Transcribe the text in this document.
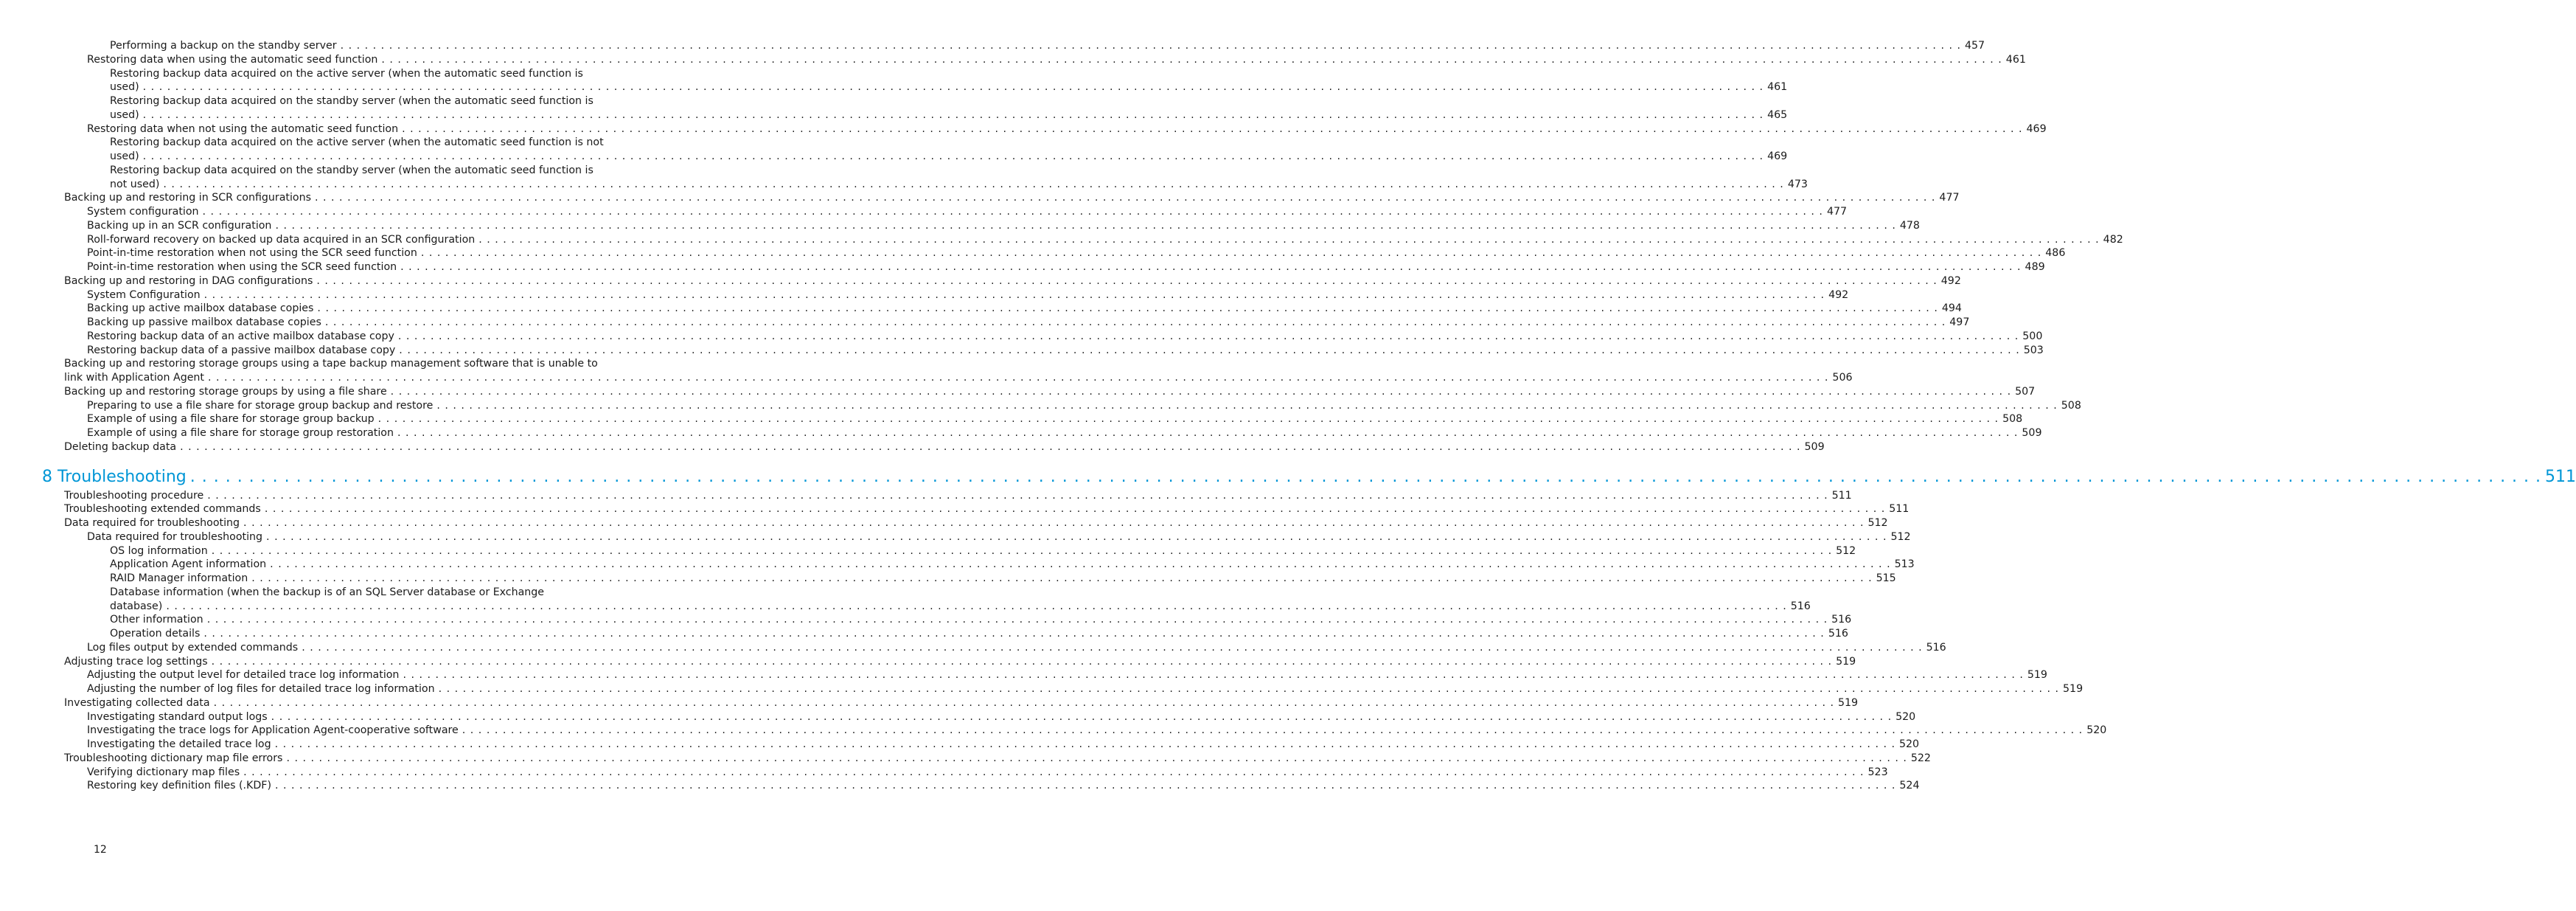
Performing a backup on the standby server . . . . . . . . . . . . . . . . . . . . . . . . . . . . . . . . . . . . . . . . . . . . . . . . . . . . . . . . . . . . . . . . . . . . . . . . . . . . . . . . . . . . . . . . . . . . . . . . . . . . . . . . . . . . . . . . . . . . . . . . . . . . . . . . . . . . . . . . . . . . . . . . . . . . . . . . . . . . . . . . . . . . . . . . . . . . . . . . . . . . . . . . . . . . . . . . . . . . . . . . 457
Restoring data when using the automatic seed function . . . . . . . . . . . . . . . . . . . . . . . . . . . . . . . . . . . . . . . . . . . . . . . . . . . . . . . . . . . . . . . . . . . . . . . . . . . . . . . . . . . . . . . . . . . . . . . . . . . . . . . . . . . . . . . . . . . . . . . . . . . . . . . . . . . . . . . . . . . . . . . . . . . . . . . . . . . . . . . . . . . . . . . . . . . . . . . . . . . . . . . . . . . . . . . . . . . . . . . . 461
Restoring backup data acquired on the active server (when the automatic seed function is
used) . . . . . . . . . . . . . . . . . . . . . . . . . . . . . . . . . . . . . . . . . . . . . . . . . . . . . . . . . . . . . . . . . . . . . . . . . . . . . . . . . . . . . . . . . . . . . . . . . . . . . . . . . . . . . . . . . . . . . . . . . . . . . . . . . . . . . . . . . . . . . . . . . . . . . . . . . . . . . . . . . . . . . . . . . . . . . . . . . . . . . . . . . . . . . . . . . . . . . . . . 461
Restoring backup data acquired on the standby server (when the automatic seed function is
used) . . . . . . . . . . . . . . . . . . . . . . . . . . . . . . . . . . . . . . . . . . . . . . . . . . . . . . . . . . . . . . . . . . . . . . . . . . . . . . . . . . . . . . . . . . . . . . . . . . . . . . . . . . . . . . . . . . . . . . . . . . . . . . . . . . . . . . . . . . . . . . . . . . . . . . . . . . . . . . . . . . . . . . . . . . . . . . . . . . . . . . . . . . . . . . . . . . . . . . . . 465
Restoring data when not using the automatic seed function . . . . . . . . . . . . . . . . . . . . . . . . . . . . . . . . . . . . . . . . . . . . . . . . . . . . . . . . . . . . . . . . . . . . . . . . . . . . . . . . . . . . . . . . . . . . . . . . . . . . . . . . . . . . . . . . . . . . . . . . . . . . . . . . . . . . . . . . . . . . . . . . . . . . . . . . . . . . . . . . . . . . . . . . . . . . . . . . . . . . . . . . . . . . . . . . . . . . . . . . 469
Restoring backup data acquired on the active server (when the automatic seed function is not
used) . . . . . . . . . . . . . . . . . . . . . . . . . . . . . . . . . . . . . . . . . . . . . . . . . . . . . . . . . . . . . . . . . . . . . . . . . . . . . . . . . . . . . . . . . . . . . . . . . . . . . . . . . . . . . . . . . . . . . . . . . . . . . . . . . . . . . . . . . . . . . . . . . . . . . . . . . . . . . . . . . . . . . . . . . . . . . . . . . . . . . . . . . . . . . . . . . . . . . . . . 469
Restoring backup data acquired on the standby server (when the automatic seed function is
not used) . . . . . . . . . . . . . . . . . . . . . . . . . . . . . . . . . . . . . . . . . . . . . . . . . . . . . . . . . . . . . . . . . . . . . . . . . . . . . . . . . . . . . . . . . . . . . . . . . . . . . . . . . . . . . . . . . . . . . . . . . . . . . . . . . . . . . . . . . . . . . . . . . . . . . . . . . . . . . . . . . . . . . . . . . . . . . . . . . . . . . . . . . . . . . . . . . . . . . . . . 473
Backing up and restoring in SCR configurations . . . . . . . . . . . . . . . . . . . . . . . . . . . . . . . . . . . . . . . . . . . . . . . . . . . . . . . . . . . . . . . . . . . . . . . . . . . . . . . . . . . . . . . . . . . . . . . . . . . . . . . . . . . . . . . . . . . . . . . . . . . . . . . . . . . . . . . . . . . . . . . . . . . . . . . . . . . . . . . . . . . . . . . . . . . . . . . . . . . . . . . . . . . . . . . . . . . . . . . . 477
System configuration . . . . . . . . . . . . . . . . . . . . . . . . . . . . . . . . . . . . . . . . . . . . . . . . . . . . . . . . . . . . . . . . . . . . . . . . . . . . . . . . . . . . . . . . . . . . . . . . . . . . . . . . . . . . . . . . . . . . . . . . . . . . . . . . . . . . . . . . . . . . . . . . . . . . . . . . . . . . . . . . . . . . . . . . . . . . . . . . . . . . . . . . . . . . . . . . . . . . . . . . 477
Backing up in an SCR configuration . . . . . . . . . . . . . . . . . . . . . . . . . . . . . . . . . . . . . . . . . . . . . . . . . . . . . . . . . . . . . . . . . . . . . . . . . . . . . . . . . . . . . . . . . . . . . . . . . . . . . . . . . . . . . . . . . . . . . . . . . . . . . . . . . . . . . . . . . . . . . . . . . . . . . . . . . . . . . . . . . . . . . . . . . . . . . . . . . . . . . . . . . . . . . . . . . . . . . . . . 478
Roll-forward recovery on backed up data acquired in an SCR configuration . . . . . . . . . . . . . . . . . . . . . . . . . . . . . . . . . . . . . . . . . . . . . . . . . . . . . . . . . . . . . . . . . . . . . . . . . . . . . . . . . . . . . . . . . . . . . . . . . . . . . . . . . . . . . . . . . . . . . . . . . . . . . . . . . . . . . . . . . . . . . . . . . . . . . . . . . . . . . . . . . . . . . . . . . . . . . . . . . . . . . . . . . . . . . . . . . . . . . . . . 482
Point-in-time restoration when not using the SCR seed function . . . . . . . . . . . . . . . . . . . . . . . . . . . . . . . . . . . . . . . . . . . . . . . . . . . . . . . . . . . . . . . . . . . . . . . . . . . . . . . . . . . . . . . . . . . . . . . . . . . . . . . . . . . . . . . . . . . . . . . . . . . . . . . . . . . . . . . . . . . . . . . . . . . . . . . . . . . . . . . . . . . . . . . . . . . . . . . . . . . . . . . . . . . . . . . . . . . . . . . . 486
Point-in-time restoration when using the SCR seed function . . . . . . . . . . . . . . . . . . . . . . . . . . . . . . . . . . . . . . . . . . . . . . . . . . . . . . . . . . . . . . . . . . . . . . . . . . . . . . . . . . . . . . . . . . . . . . . . . . . . . . . . . . . . . . . . . . . . . . . . . . . . . . . . . . . . . . . . . . . . . . . . . . . . . . . . . . . . . . . . . . . . . . . . . . . . . . . . . . . . . . . . . . . . . . . . . . . . . . . . 489
Backing up and restoring in DAG configurations . . . . . . . . . . . . . . . . . . . . . . . . . . . . . . . . . . . . . . . . . . . . . . . . . . . . . . . . . . . . . . . . . . . . . . . . . . . . . . . . . . . . . . . . . . . . . . . . . . . . . . . . . . . . . . . . . . . . . . . . . . . . . . . . . . . . . . . . . . . . . . . . . . . . . . . . . . . . . . . . . . . . . . . . . . . . . . . . . . . . . . . . . . . . . . . . . . . . . . . . 492
System Configuration . . . . . . . . . . . . . . . . . . . . . . . . . . . . . . . . . . . . . . . . . . . . . . . . . . . . . . . . . . . . . . . . . . . . . . . . . . . . . . . . . . . . . . . . . . . . . . . . . . . . . . . . . . . . . . . . . . . . . . . . . . . . . . . . . . . . . . . . . . . . . . . . . . . . . . . . . . . . . . . . . . . . . . . . . . . . . . . . . . . . . . . . . . . . . . . . . . . . . . . . 492
Backing up active mailbox database copies . . . . . . . . . . . . . . . . . . . . . . . . . . . . . . . . . . . . . . . . . . . . . . . . . . . . . . . . . . . . . . . . . . . . . . . . . . . . . . . . . . . . . . . . . . . . . . . . . . . . . . . . . . . . . . . . . . . . . . . . . . . . . . . . . . . . . . . . . . . . . . . . . . . . . . . . . . . . . . . . . . . . . . . . . . . . . . . . . . . . . . . . . . . . . . . . . . . . . . . . 494
Backing up passive mailbox database copies . . . . . . . . . . . . . . . . . . . . . . . . . . . . . . . . . . . . . . . . . . . . . . . . . . . . . . . . . . . . . . . . . . . . . . . . . . . . . . . . . . . . . . . . . . . . . . . . . . . . . . . . . . . . . . . . . . . . . . . . . . . . . . . . . . . . . . . . . . . . . . . . . . . . . . . . . . . . . . . . . . . . . . . . . . . . . . . . . . . . . . . . . . . . . . . . . . . . . . . . 497
Restoring backup data of an active mailbox database copy . . . . . . . . . . . . . . . . . . . . . . . . . . . . . . . . . . . . . . . . . . . . . . . . . . . . . . . . . . . . . . . . . . . . . . . . . . . . . . . . . . . . . . . . . . . . . . . . . . . . . . . . . . . . . . . . . . . . . . . . . . . . . . . . . . . . . . . . . . . . . . . . . . . . . . . . . . . . . . . . . . . . . . . . . . . . . . . . . . . . . . . . . . . . . . . . . . . . . . . . 500
Restoring backup data of a passive mailbox database copy . . . . . . . . . . . . . . . . . . . . . . . . . . . . . . . . . . . . . . . . . . . . . . . . . . . . . . . . . . . . . . . . . . . . . . . . . . . . . . . . . . . . . . . . . . . . . . . . . . . . . . . . . . . . . . . . . . . . . . . . . . . . . . . . . . . . . . . . . . . . . . . . . . . . . . . . . . . . . . . . . . . . . . . . . . . . . . . . . . . . . . . . . . . . . . . . . . . . . . . . 503
Backing up and restoring storage groups using a tape backup management software that is unable to
link with Application Agent . . . . . . . . . . . . . . . . . . . . . . . . . . . . . . . . . . . . . . . . . . . . . . . . . . . . . . . . . . . . . . . . . . . . . . . . . . . . . . . . . . . . . . . . . . . . . . . . . . . . . . . . . . . . . . . . . . . . . . . . . . . . . . . . . . . . . . . . . . . . . . . . . . . . . . . . . . . . . . . . . . . . . . . . . . . . . . . . . . . . . . . . . . . . . . . . . . . . . . . . 506
Backing up and restoring storage groups by using a file share . . . . . . . . . . . . . . . . . . . . . . . . . . . . . . . . . . . . . . . . . . . . . . . . . . . . . . . . . . . . . . . . . . . . . . . . . . . . . . . . . . . . . . . . . . . . . . . . . . . . . . . . . . . . . . . . . . . . . . . . . . . . . . . . . . . . . . . . . . . . . . . . . . . . . . . . . . . . . . . . . . . . . . . . . . . . . . . . . . . . . . . . . . . . . . . . . . . . . . . . 507
Preparing to use a file share for storage group backup and restore . . . . . . . . . . . . . . . . . . . . . . . . . . . . . . . . . . . . . . . . . . . . . . . . . . . . . . . . . . . . . . . . . . . . . . . . . . . . . . . . . . . . . . . . . . . . . . . . . . . . . . . . . . . . . . . . . . . . . . . . . . . . . . . . . . . . . . . . . . . . . . . . . . . . . . . . . . . . . . . . . . . . . . . . . . . . . . . . . . . . . . . . . . . . . . . . . . . . . . . . 508
Example of using a file share for storage group backup . . . . . . . . . . . . . . . . . . . . . . . . . . . . . . . . . . . . . . . . . . . . . . . . . . . . . . . . . . . . . . . . . . . . . . . . . . . . . . . . . . . . . . . . . . . . . . . . . . . . . . . . . . . . . . . . . . . . . . . . . . . . . . . . . . . . . . . . . . . . . . . . . . . . . . . . . . . . . . . . . . . . . . . . . . . . . . . . . . . . . . . . . . . . . . . . . . . . . . . . 508
Example of using a file share for storage group restoration . . . . . . . . . . . . . . . . . . . . . . . . . . . . . . . . . . . . . . . . . . . . . . . . . . . . . . . . . . . . . . . . . . . . . . . . . . . . . . . . . . . . . . . . . . . . . . . . . . . . . . . . . . . . . . . . . . . . . . . . . . . . . . . . . . . . . . . . . . . . . . . . . . . . . . . . . . . . . . . . . . . . . . . . . . . . . . . . . . . . . . . . . . . . . . . . . . . . . . . . 509
Deleting backup data . . . . . . . . . . . . . . . . . . . . . . . . . . . . . . . . . . . . . . . . . . . . . . . . . . . . . . . . . . . . . . . . . . . . . . . . . . . . . . . . . . . . . . . . . . . . . . . . . . . . . . . . . . . . . . . . . . . . . . . . . . . . . . . . . . . . . . . . . . . . . . . . . . . . . . . . . . . . . . . . . . . . . . . . . . . . . . . . . . . . . . . . . . . . . . . . . . . . . . . . 509
8 Troubleshooting . . . . . . . . . . . . . . . . . . . . . . . . . . . . . . . . . . . . . . . . . . . . . . . . . . . . . . . . . . . . . . . . . . . . . . . . . . . . . . . . . . . . . . . . . . . . . . . . . . . . . . . . . . . . . . . . . . . . . . . . . . . . . . . . . . . . . . . . . . . . . . . . . . . . . . . . . . . . . . . . . . . . . . . . . . . . . . . . . . . . . . . . . . . . . . . . . . . . . . . . 511
Troubleshooting procedure . . . . . . . . . . . . . . . . . . . . . . . . . . . . . . . . . . . . . . . . . . . . . . . . . . . . . . . . . . . . . . . . . . . . . . . . . . . . . . . . . . . . . . . . . . . . . . . . . . . . . . . . . . . . . . . . . . . . . . . . . . . . . . . . . . . . . . . . . . . . . . . . . . . . . . . . . . . . . . . . . . . . . . . . . . . . . . . . . . . . . . . . . . . . . . . . . . . . . . . . 511
Troubleshooting extended commands . . . . . . . . . . . . . . . . . . . . . . . . . . . . . . . . . . . . . . . . . . . . . . . . . . . . . . . . . . . . . . . . . . . . . . . . . . . . . . . . . . . . . . . . . . . . . . . . . . . . . . . . . . . . . . . . . . . . . . . . . . . . . . . . . . . . . . . . . . . . . . . . . . . . . . . . . . . . . . . . . . . . . . . . . . . . . . . . . . . . . . . . . . . . . . . . . . . . . . . . 511
Data required for troubleshooting . . . . . . . . . . . . . . . . . . . . . . . . . . . . . . . . . . . . . . . . . . . . . . . . . . . . . . . . . . . . . . . . . . . . . . . . . . . . . . . . . . . . . . . . . . . . . . . . . . . . . . . . . . . . . . . . . . . . . . . . . . . . . . . . . . . . . . . . . . . . . . . . . . . . . . . . . . . . . . . . . . . . . . . . . . . . . . . . . . . . . . . . . . . . . . . . . . . . . . . . 512
Data required for troubleshooting . . . . . . . . . . . . . . . . . . . . . . . . . . . . . . . . . . . . . . . . . . . . . . . . . . . . . . . . . . . . . . . . . . . . . . . . . . . . . . . . . . . . . . . . . . . . . . . . . . . . . . . . . . . . . . . . . . . . . . . . . . . . . . . . . . . . . . . . . . . . . . . . . . . . . . . . . . . . . . . . . . . . . . . . . . . . . . . . . . . . . . . . . . . . . . . . . . . . . . . . 512
OS log information . . . . . . . . . . . . . . . . . . . . . . . . . . . . . . . . . . . . . . . . . . . . . . . . . . . . . . . . . . . . . . . . . . . . . . . . . . . . . . . . . . . . . . . . . . . . . . . . . . . . . . . . . . . . . . . . . . . . . . . . . . . . . . . . . . . . . . . . . . . . . . . . . . . . . . . . . . . . . . . . . . . . . . . . . . . . . . . . . . . . . . . . . . . . . . . . . . . . . . . . 512
Application Agent information . . . . . . . . . . . . . . . . . . . . . . . . . . . . . . . . . . . . . . . . . . . . . . . . . . . . . . . . . . . . . . . . . . . . . . . . . . . . . . . . . . . . . . . . . . . . . . . . . . . . . . . . . . . . . . . . . . . . . . . . . . . . . . . . . . . . . . . . . . . . . . . . . . . . . . . . . . . . . . . . . . . . . . . . . . . . . . . . . . . . . . . . . . . . . . . . . . . . . . . . 513
RAID Manager information . . . . . . . . . . . . . . . . . . . . . . . . . . . . . . . . . . . . . . . . . . . . . . . . . . . . . . . . . . . . . . . . . . . . . . . . . . . . . . . . . . . . . . . . . . . . . . . . . . . . . . . . . . . . . . . . . . . . . . . . . . . . . . . . . . . . . . . . . . . . . . . . . . . . . . . . . . . . . . . . . . . . . . . . . . . . . . . . . . . . . . . . . . . . . . . . . . . . . . . . 515
Database information (when the backup is of an SQL Server database or Exchange
database) . . . . . . . . . . . . . . . . . . . . . . . . . . . . . . . . . . . . . . . . . . . . . . . . . . . . . . . . . . . . . . . . . . . . . . . . . . . . . . . . . . . . . . . . . . . . . . . . . . . . . . . . . . . . . . . . . . . . . . . . . . . . . . . . . . . . . . . . . . . . . . . . . . . . . . . . . . . . . . . . . . . . . . . . . . . . . . . . . . . . . . . . . . . . . . . . . . . . . . . . 516
Other information . . . . . . . . . . . . . . . . . . . . . . . . . . . . . . . . . . . . . . . . . . . . . . . . . . . . . . . . . . . . . . . . . . . . . . . . . . . . . . . . . . . . . . . . . . . . . . . . . . . . . . . . . . . . . . . . . . . . . . . . . . . . . . . . . . . . . . . . . . . . . . . . . . . . . . . . . . . . . . . . . . . . . . . . . . . . . . . . . . . . . . . . . . . . . . . . . . . . . . . . 516
Operation details . . . . . . . . . . . . . . . . . . . . . . . . . . . . . . . . . . . . . . . . . . . . . . . . . . . . . . . . . . . . . . . . . . . . . . . . . . . . . . . . . . . . . . . . . . . . . . . . . . . . . . . . . . . . . . . . . . . . . . . . . . . . . . . . . . . . . . . . . . . . . . . . . . . . . . . . . . . . . . . . . . . . . . . . . . . . . . . . . . . . . . . . . . . . . . . . . . . . . . . . 516
Log files output by extended commands . . . . . . . . . . . . . . . . . . . . . . . . . . . . . . . . . . . . . . . . . . . . . . . . . . . . . . . . . . . . . . . . . . . . . . . . . . . . . . . . . . . . . . . . . . . . . . . . . . . . . . . . . . . . . . . . . . . . . . . . . . . . . . . . . . . . . . . . . . . . . . . . . . . . . . . . . . . . . . . . . . . . . . . . . . . . . . . . . . . . . . . . . . . . . . . . . . . . . . . . 516
Adjusting trace log settings . . . . . . . . . . . . . . . . . . . . . . . . . . . . . . . . . . . . . . . . . . . . . . . . . . . . . . . . . . . . . . . . . . . . . . . . . . . . . . . . . . . . . . . . . . . . . . . . . . . . . . . . . . . . . . . . . . . . . . . . . . . . . . . . . . . . . . . . . . . . . . . . . . . . . . . . . . . . . . . . . . . . . . . . . . . . . . . . . . . . . . . . . . . . . . . . . . . . . . . . 519
Adjusting the output level for detailed trace log information . . . . . . . . . . . . . . . . . . . . . . . . . . . . . . . . . . . . . . . . . . . . . . . . . . . . . . . . . . . . . . . . . . . . . . . . . . . . . . . . . . . . . . . . . . . . . . . . . . . . . . . . . . . . . . . . . . . . . . . . . . . . . . . . . . . . . . . . . . . . . . . . . . . . . . . . . . . . . . . . . . . . . . . . . . . . . . . . . . . . . . . . . . . . . . . . . . . . . . . . 519
Adjusting the number of log files for detailed trace log information . . . . . . . . . . . . . . . . . . . . . . . . . . . . . . . . . . . . . . . . . . . . . . . . . . . . . . . . . . . . . . . . . . . . . . . . . . . . . . . . . . . . . . . . . . . . . . . . . . . . . . . . . . . . . . . . . . . . . . . . . . . . . . . . . . . . . . . . . . . . . . . . . . . . . . . . . . . . . . . . . . . . . . . . . . . . . . . . . . . . . . . . . . . . . . . . . . . . . . . . 519
Investigating collected data . . . . . . . . . . . . . . . . . . . . . . . . . . . . . . . . . . . . . . . . . . . . . . . . . . . . . . . . . . . . . . . . . . . . . . . . . . . . . . . . . . . . . . . . . . . . . . . . . . . . . . . . . . . . . . . . . . . . . . . . . . . . . . . . . . . . . . . . . . . . . . . . . . . . . . . . . . . . . . . . . . . . . . . . . . . . . . . . . . . . . . . . . . . . . . . . . . . . . . . . 519
Investigating standard output logs . . . . . . . . . . . . . . . . . . . . . . . . . . . . . . . . . . . . . . . . . . . . . . . . . . . . . . . . . . . . . . . . . . . . . . . . . . . . . . . . . . . . . . . . . . . . . . . . . . . . . . . . . . . . . . . . . . . . . . . . . . . . . . . . . . . . . . . . . . . . . . . . . . . . . . . . . . . . . . . . . . . . . . . . . . . . . . . . . . . . . . . . . . . . . . . . . . . . . . . . 520
Investigating the trace logs for Application Agent-cooperative software . . . . . . . . . . . . . . . . . . . . . . . . . . . . . . . . . . . . . . . . . . . . . . . . . . . . . . . . . . . . . . . . . . . . . . . . . . . . . . . . . . . . . . . . . . . . . . . . . . . . . . . . . . . . . . . . . . . . . . . . . . . . . . . . . . . . . . . . . . . . . . . . . . . . . . . . . . . . . . . . . . . . . . . . . . . . . . . . . . . . . . . . . . . . . . . . . . . . . . . . 520
Investigating the detailed trace log . . . . . . . . . . . . . . . . . . . . . . . . . . . . . . . . . . . . . . . . . . . . . . . . . . . . . . . . . . . . . . . . . . . . . . . . . . . . . . . . . . . . . . . . . . . . . . . . . . . . . . . . . . . . . . . . . . . . . . . . . . . . . . . . . . . . . . . . . . . . . . . . . . . . . . . . . . . . . . . . . . . . . . . . . . . . . . . . . . . . . . . . . . . . . . . . . . . . . . . . 520
Troubleshooting dictionary map file errors . . . . . . . . . . . . . . . . . . . . . . . . . . . . . . . . . . . . . . . . . . . . . . . . . . . . . . . . . . . . . . . . . . . . . . . . . . . . . . . . . . . . . . . . . . . . . . . . . . . . . . . . . . . . . . . . . . . . . . . . . . . . . . . . . . . . . . . . . . . . . . . . . . . . . . . . . . . . . . . . . . . . . . . . . . . . . . . . . . . . . . . . . . . . . . . . . . . . . . . . 522
Verifying dictionary map files . . . . . . . . . . . . . . . . . . . . . . . . . . . . . . . . . . . . . . . . . . . . . . . . . . . . . . . . . . . . . . . . . . . . . . . . . . . . . . . . . . . . . . . . . . . . . . . . . . . . . . . . . . . . . . . . . . . . . . . . . . . . . . . . . . . . . . . . . . . . . . . . . . . . . . . . . . . . . . . . . . . . . . . . . . . . . . . . . . . . . . . . . . . . . . . . . . . . . . . . 523
Restoring key definition files (.KDF) . . . . . . . . . . . . . . . . . . . . . . . . . . . . . . . . . . . . . . . . . . . . . . . . . . . . . . . . . . . . . . . . . . . . . . . . . . . . . . . . . . . . . . . . . . . . . . . . . . . . . . . . . . . . . . . . . . . . . . . . . . . . . . . . . . . . . . . . . . . . . . . . . . . . . . . . . . . . . . . . . . . . . . . . . . . . . . . . . . . . . . . . . . . . . . . . . . . . . . . . 524
12
